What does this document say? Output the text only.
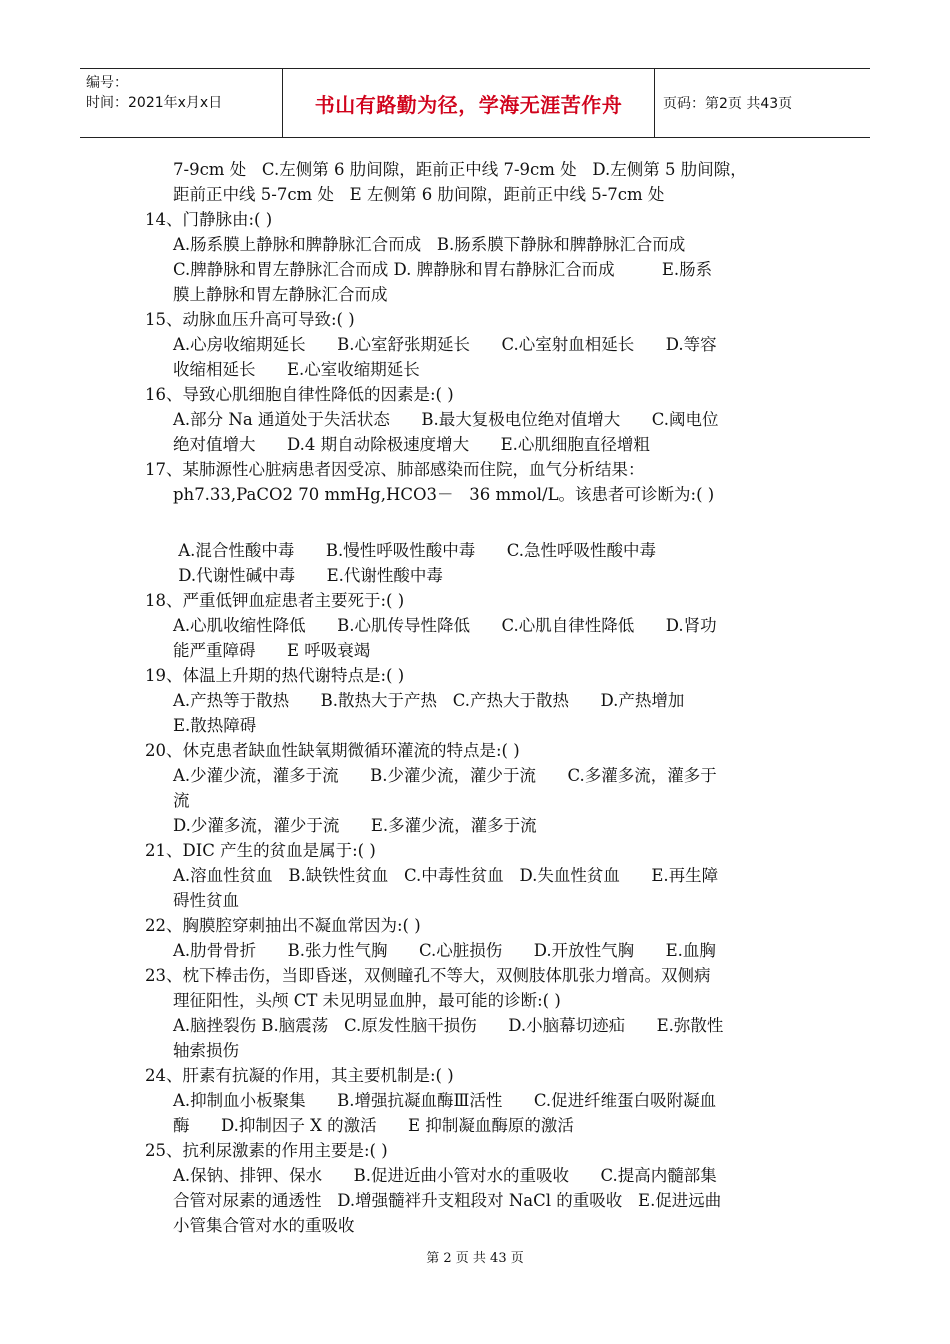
编号：
时间：2021年x月x日	书山有路勤为径，学海无涯苦作舟	页码：第2页 共43页
7-9cm 处   C.左侧第 6 肋间隙，距前正中线 7-9cm 处   D.左侧第 5 肋间隙，
距前正中线 5-7cm 处   E 左侧第 6 肋间隙，距前正中线 5-7cm 处
14、门静脉由:( )
A.肠系膜上静脉和脾静脉汇合而成   B.肠系膜下静脉和脾静脉汇合而成
C.脾静脉和胃左静脉汇合而成 D. 脾静脉和胃右静脉汇合而成         E.肠系
膜上静脉和胃左静脉汇合而成
15、动脉血压升高可导致:( )
A.心房收缩期延长      B.心室舒张期延长      C.心室射血相延长      D.等容
收缩相延长      E.心室收缩期延长
16、导致心肌细胞自律性降低的因素是:( )
A.部分 Na 通道处于失活状态      B.最大复极电位绝对值增大      C.阈电位
绝对值增大      D.4 期自动除极速度增大      E.心肌细胞直径增粗
17、某肺源性心脏病患者因受凉、肺部感染而住院，血气分析结果：
ph7.33,PaCO2 70 mmHg,HCO3－   36 mmol/L。该患者可诊断为:( )
A.混合性酸中毒      B.慢性呼吸性酸中毒      C.急性呼吸性酸中毒
D.代谢性碱中毒      E.代谢性酸中毒
18、严重低钾血症患者主要死于:( )
A.心肌收缩性降低      B.心肌传导性降低      C.心肌自律性降低      D.肾功
能严重障碍      E 呼吸衰竭
19、体温上升期的热代谢特点是:( )
A.产热等于散热      B.散热大于产热   C.产热大于散热      D.产热增加
E.散热障碍
20、休克患者缺血性缺氧期微循环灌流的特点是:( )
A.少灌少流，灌多于流      B.少灌少流，灌少于流      C.多灌多流，灌多于
流
D.少灌多流，灌少于流      E.多灌少流，灌多于流
21、DIC 产生的贫血是属于:( )
A.溶血性贫血   B.缺铁性贫血   C.中毒性贫血   D.失血性贫血      E.再生障
碍性贫血
22、胸膜腔穿刺抽出不凝血常因为:( )
A.肋骨骨折      B.张力性气胸      C.心脏损伤      D.开放性气胸      E.血胸
23、枕下棒击伤，当即昏迷，双侧瞳孔不等大，双侧肢体肌张力增高。双侧病
理征阳性，头颅 CT 未见明显血肿，最可能的诊断:( )
A.脑挫裂伤 B.脑震荡   C.原发性脑干损伤      D.小脑幕切迹疝      E.弥散性
轴索损伤
24、肝素有抗凝的作用，其主要机制是:( )
A.抑制血小板聚集      B.增强抗凝血酶Ⅲ活性      C.促进纤维蛋白吸附凝血
酶      D.抑制因子 X 的激活      E 抑制凝血酶原的激活
25、抗利尿激素的作用主要是:( )
A.保钠、排钾、保水      B.促进近曲小管对水的重吸收      C.提高内髓部集
合管对尿素的通透性   D.增强髓袢升支粗段对 NaCl 的重吸收   E.促进远曲
小管集合管对水的重吸收
第 2 页 共 43 页
